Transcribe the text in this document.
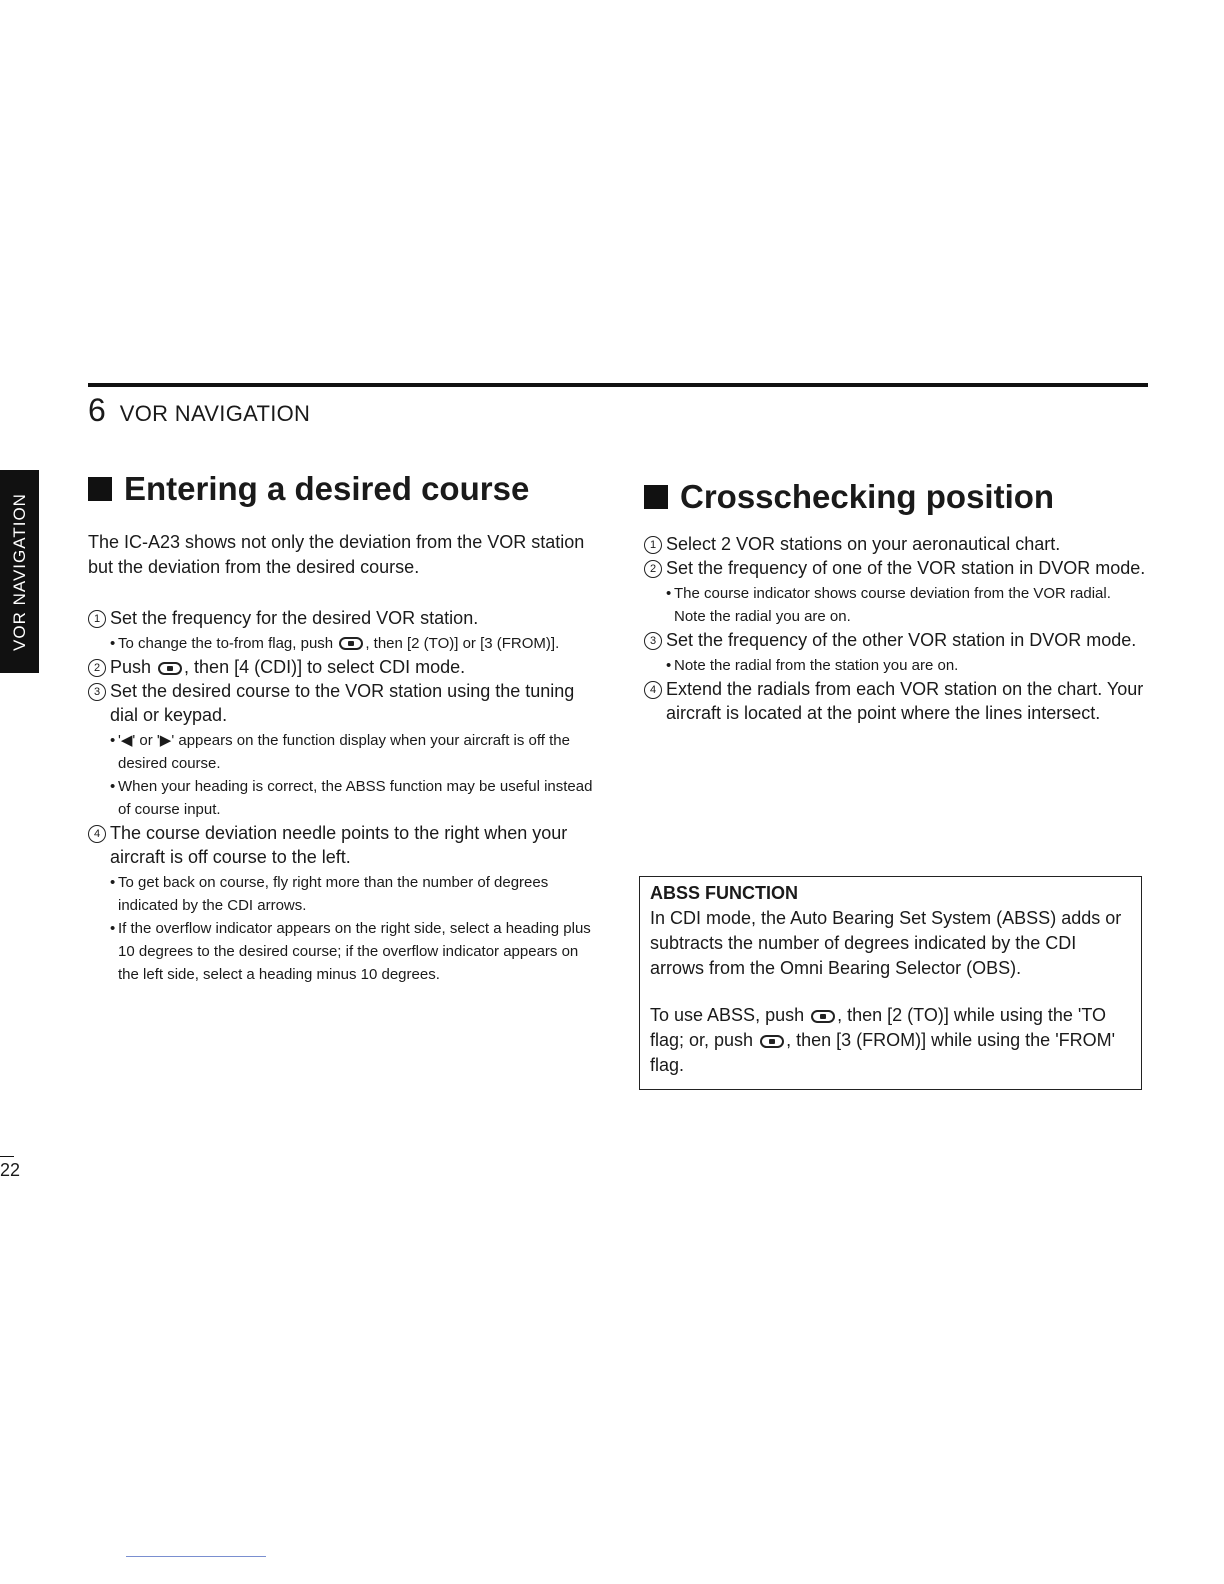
6 VOR NAVIGATION
VOR NAVIGATION
22
Entering a desired course

The IC-A23 shows not only the deviation from the VOR station but the deviation from the desired course.

1 Set the frequency for the desired VOR station.
• To change the to-from flag, push , then [2 (TO)] or [3 (FROM)].
2 Push , then [4 (CDI)] to select CDI mode.
3 Set the desired course to the VOR station using the tuning dial or keypad.
• '◀' or '▶' appears on the function display when your aircraft is off the desired course.
• When your heading is correct, the ABSS function may be useful instead of course input.
4 The course deviation needle points to the right when your aircraft is off course to the left.
• To get back on course, fly right more than the number of degrees indicated by the CDI arrows.
• If the overflow indicator appears on the right side, select a heading plus 10 degrees to the desired course; if the overflow indicator appears on the left side, select a heading minus 10 degrees.
Crosschecking position
1 Select 2 VOR stations on your aeronautical chart.
2 Set the frequency of one of the VOR station in DVOR mode.
• The course indicator shows course deviation from the VOR radial. Note the radial you are on.
3 Set the frequency of the other VOR station in DVOR mode.
• Note the radial from the station you are on.
4 Extend the radials from each VOR station on the chart. Your aircraft is located at the point where the lines intersect.
ABSS FUNCTION

In CDI mode, the Auto Bearing Set System (ABSS) adds or subtracts the number of degrees indicated by the CDI arrows from the Omni Bearing Selector (OBS).

To use ABSS, push , then [2 (TO)] while using the 'TO flag; or, push , then [3 (FROM)] while using the 'FROM' flag.
